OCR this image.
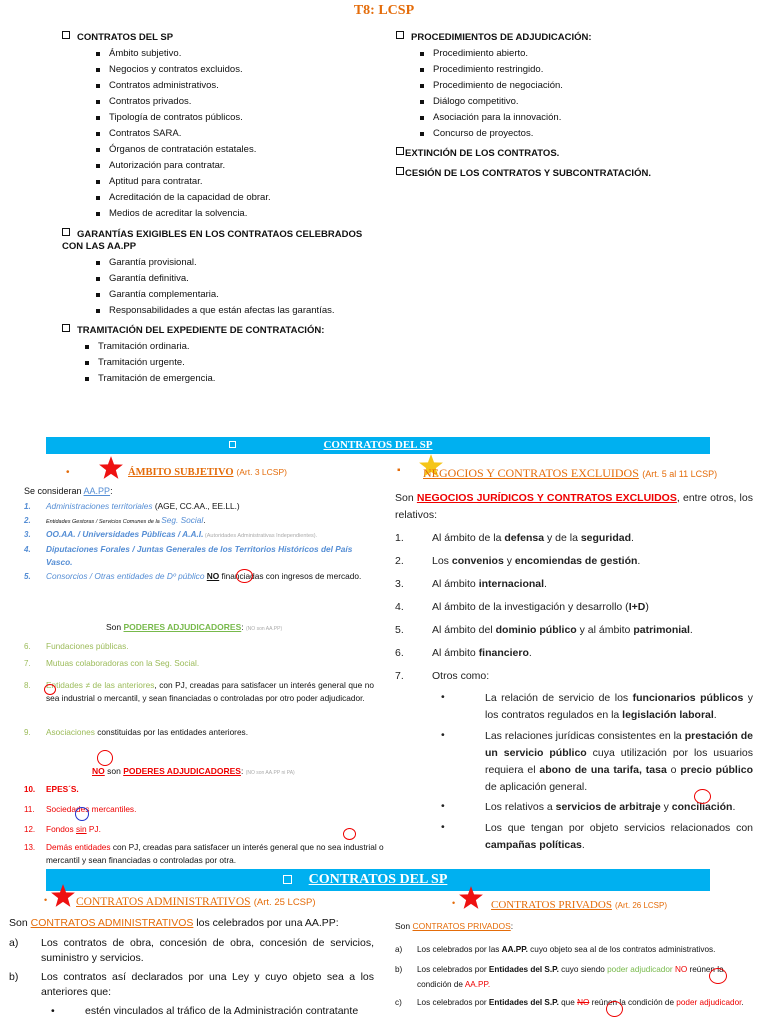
T8: LCSP
CONTRATOS DEL SP
Ámbito subjetivo.
Negocios y contratos excluidos.
Contratos administrativos.
Contratos privados.
Tipología de contratos públicos.
Contratos SARA.
Órganos de contratación estatales.
Autorización para contratar.
Aptitud para contratar.
Acreditación de la capacidad de obrar.
Medios de acreditar la solvencia.
GARANTÍAS EXIGIBLES EN LOS CONTRATAOS CELEBRADOS CON LAS AA.PP
Garantía provisional.
Garantía definitiva.
Garantía complementaria.
Responsabilidades a que están afectas las garantías.
TRAMITACIÓN DEL EXPEDIENTE DE CONTRATACIÓN:
Tramitación ordinaria.
Tramitación urgente.
Tramitación de emergencia.
PROCEDIMIENTOS DE ADJUDICACIÓN:
Procedimiento abierto.
Procedimiento restringido.
Procedimiento de negociación.
Diálogo competitivo.
Asociación para la innovación.
Concurso de proyectos.
EXTINCIÓN DE LOS CONTRATOS.
CESIÓN DE LOS CONTRATOS Y SUBCONTRATACIÓN.
CONTRATOS DEL SP
•	ÁMBITO SUBJETIVO (Art. 3 LCSP)
Se consideran AA.PP:
1. Administraciones territoriales (AGE, CC.AA., EE.LL.)
2.	Entidades Gestoras / Servicios Comunes de la Seg. Social.
3. OO.AA. / Universidades Públicas / A.A.I. (Autoridades Administrativas Independientes).
4. Diputaciones Forales / Juntas Generales de los Territorios Históricos del País Vasco.
5. Consorcios / Otras entidades de Dº público NO financiadas con ingresos de mercado.
Son PODERES ADJUDICADORES: (NO son AA.PP)
6. Fundaciones públicas.
7. Mutuas colaboradoras con la Seg. Social.
8. Entidades ≠ de las anteriores, con PJ, creadas para satisfacer un interés general que no sea industrial o mercantil, y sean financiadas o controladas por otro poder adjudicador.
9. Asociaciones constituidas por las entidades anteriores.
NO son PODERES ADJUDICADORES: (NO son AA.PP ni PA)
10. EPES´S.
11. Sociedades mercantiles.
12. Fondos sin PJ.
13. Demás entidades con PJ, creadas para satisfacer un interés general que no sea industrial o mercantil y sean financiadas o controladas por otra.
▪ NEGOCIOS Y CONTRATOS EXCLUIDOS (Art. 5 al 11 LCSP)
Son NEGOCIOS JURÍDICOS Y CONTRATOS EXCLUIDOS, entre otros, los relativos:
1.	Al ámbito de la defensa y de la seguridad.
2.	Los convenios y encomiendas de gestión.
3.	Al ámbito internacional.
4.	Al ámbito de la investigación y desarrollo (I+D)
5.	Al ámbito del dominio público y al ámbito patrimonial.
6.	Al ámbito financiero.
7.	Otros como:
•	La relación de servicio de los funcionarios públicos y los contratos regulados en la legislación laboral.
•	Las relaciones jurídicas consistentes en la prestación de un servicio público cuya utilización por los usuarios requiera el abono de una tarifa, tasa o precio público de aplicación general.
•	Los relativos a servicios de arbitraje y conciliación.
•	Los que tengan por objeto servicios relacionados con campañas políticas.
CONTRATOS DEL SP
•	CONTRATOS ADMINISTRATIVOS (Art. 25 LCSP)
Son CONTRATOS ADMINISTRATIVOS los celebrados por una AA.PP:
a) Los contratos de obra, concesión de obra, concesión de servicios, suministro y servicios.
b) Los contratos así declarados por una Ley y cuyo objeto sea a los anteriores que:
•	estén vinculados al tráfico de la Administración contratante
•	CONTRATOS PRIVADOS (Art. 26 LCSP)
Son CONTRATOS PRIVADOS:
a) Los celebrados por las AA.PP. cuyo objeto sea al de los contratos administrativos.
b) Los celebrados por Entidades del S.P. cuyo siendo poder adjudicador NO reúnen la condición de AA.PP.
c) Los celebrados por Entidades del S.P. que NO reúnen la condición de poder adjudicador.
